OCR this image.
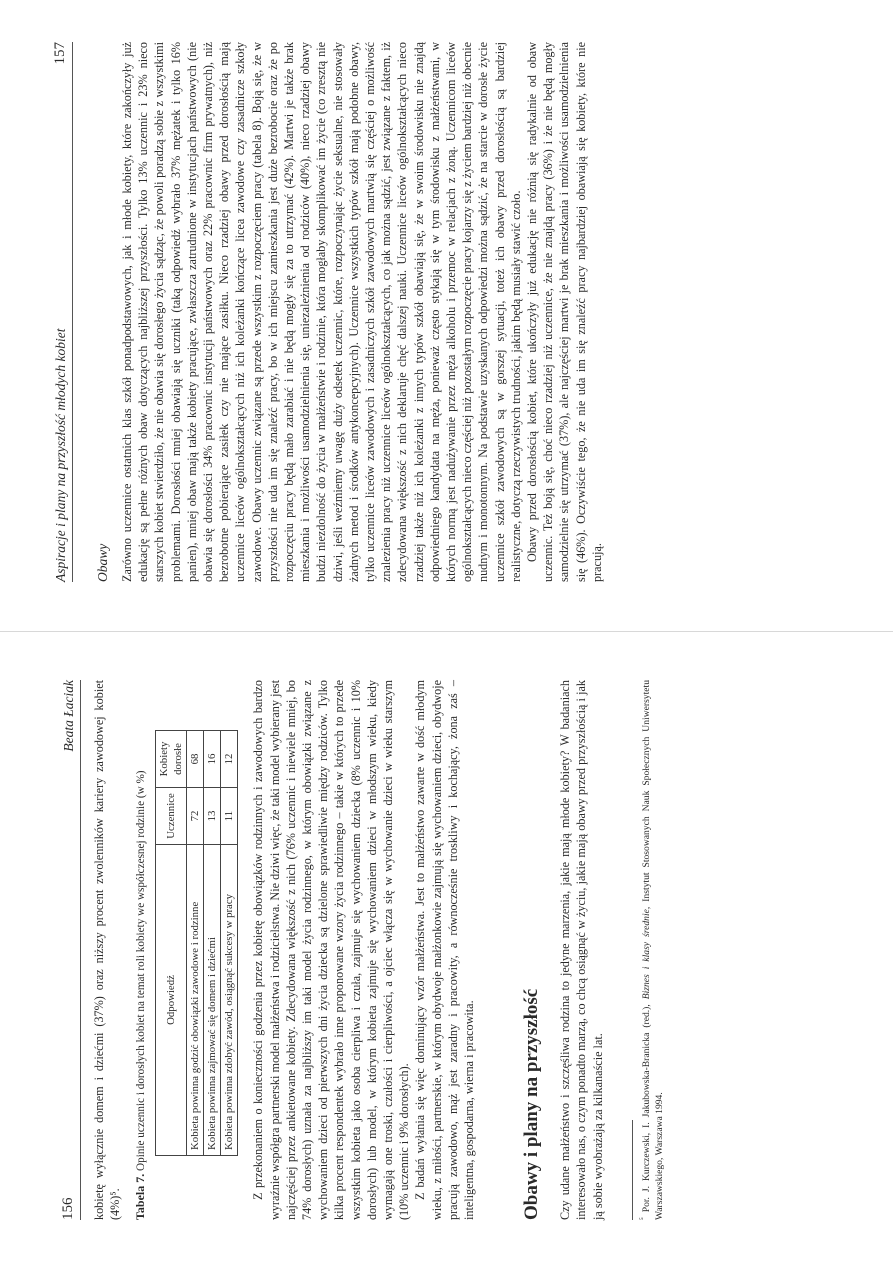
156
Beata Łaciak kobietę wyłącznie domem i dziećmi (37%) oraz niższy procent zwolenników kariery zawodowej kobiet (4%)⁵. Tabela 7. Opinie uczennic i dorosłych kobiet na temat roli kobiety we współczesnej rodzinie (w %) Odpowiedź	Uczennice	Kobiety dorosłe
Kobieta powinna godzić obowiązki zawodowe i rodzinne	72	68
Kobieta powinna zajmować się domem i dziećmi	13	16
Kobieta powinna zdobyć zawód, osiągnąć sukcesy w pracy	11	12 Z przekonaniem o konieczności godzenia przez kobietę obowiązków rodzinnych i zawodowych bardzo wyraźnie współgra partnerski model małżeństwa i rodzicielstwa. Nie dziwi więc, że taki model wybierany jest najczęściej przez ankietowane kobiety. Zdecydowana większość z nich (76% uczennic i niewiele mniej, bo 74% dorosłych) uznała za najbliższy im taki model życia rodzinnego, w którym obowiązki związane z wychowaniem dzieci od pierwszych dni życia dziecka są dzielone sprawiedliwie między rodziców. Tylko kilka procent respondentek wybrało inne proponowane wzory życia rodzinnego – takie w których to przede wszystkim kobieta jako osoba cierpliwa i czuła, zajmuje się wychowaniem dziecka (8% uczennic i 10% dorosłych) lub model, w którym kobieta zajmuje się wychowaniem dzieci w młodszym wieku, kiedy wymagają one troski, czułości i cierpliwości, a ojciec włącza się w wychowanie dzieci w wieku starszym (10% uczennic i 9% dorosłych). Z badań wyłania się więc dominujący wzór małżeństwa. Jest to małżeństwo zawarte w dość młodym wieku, z miłości, partnerskie, w którym obydwoje małżonkowie zajmują się wychowaniem dzieci, obydwoje pracują zawodowo, mąż jest zaradny i pracowity, a równocześnie troskliwy i kochający, żona zaś – inteligentna, gospodarna, wierna i pracowita. Obawy i plany na przyszłość Czy udane małżeństwo i szczęśliwa rodzina to jedyne marzenia, jakie mają młode kobiety? W badaniach interesowało nas, o czym ponadto marzą, co chcą osiągnąć w życiu, jakie mają obawy przed przyszłością i jak ją sobie wyobrażają za kilkanaście lat.	$^{^5}$ Por. J. Kurczewski, I. Jakubowska-Branicka (red.), Biznes i klasy średnie, Instytut Stosowanych Nauk Społecznych Uniwersytetu Warszawskiego, Warszawa 1994.
Aspiracje i plany na przyszłość młodych kobiet
157
Obawy Zarówno uczennice ostatnich klas szkół ponadpodstawowych, jak i młode kobiety, które zakończyły już edukację są pełne różnych obaw dotyczących najbliższej przyszłości. Tylko 13% uczennic i 23% nieco starszych kobiet stwierdziło, że nie obawia się dorosłego życia sądząc, że powoli poradzą sobie z wszystkimi problemami. Dorosłości mniej obawiają się uczniki (taką odpowiedź wybrało 37% mężatek i tylko 16% panien), mniej obaw mają także kobiety pracujące, zwłaszcza zatrudnione w instytucjach państwowych (nie obawia się dorosłości 34% pracownic instytucji państwowych oraz 22% pracownic firm prywatnych), niż bezrobotne pobierające zasiłek czy nie mające zasiłku. Nieco rzadziej obawy przed dorosłością mają uczennice liceów ogólnokształcących niż ich koleżanki kończące licea zawodowe czy zasadnicze szkoły zawodowe. Obawy uczennic związane są przede wszystkim z rozpoczęciem pracy (tabela 8). Boją się, że w przyszłości nie uda im się znaleźć pracy, bo w ich miejscu zamieszkania jest duże bezrobocie oraz że po rozpoczęciu pracy będą mało zarabiać i nie będą mogły się za to utrzymać (42%). Martwi je także brak mieszkania i możliwości usamodzielnienia się, uniezależnienia od rodziców (40%), nieco rzadziej obawy budzi niezdolność do życia w małżeństwie i rodzinie, która mogłaby skomplikować im życie (co zresztą nie dziwi, jeśli weźmiemy uwagę duży odsetek uczennic, które, rozpoczynając życie seksualne, nie stosowały żadnych metod i środków antykoncepcyjnych). Uczennice wszystkich typów szkół mają podobne obawy, tylko uczennice liceów zawodowych i zasadniczych szkół zawodowych martwią się częściej o możliwość znalezienia pracy niż uczennice liceów ogólnokształcących, co jak można sądzić, jest związane z faktem, iż zdecydowana większość z nich deklaruje chęć dalszej nauki. Uczennice liceów ogólnokształcących nieco rzadziej także niż ich koleżanki z innych typów szkół obawiają się, że w swoim środowisku nie znajdą odpowiedniego kandydata na męża, ponieważ często stykają się w tym środowisku z małżeństwami, w których normą jest nadużywanie przez męża alkoholu i przemoc w relacjach z żoną. Uczennicom liceów ogólnokształcących nieco częściej niż pozostałym rozpoczęcie pracy kojarzy się z życiem bardziej niż obecnie nudnym i monotonnym. Na podstawie uzyskanych odpowiedzi można sądzić, że na starcie w dorosłe życie uczennice szkół zawodowych są w gorszej sytuacji, toteż ich obawy przed dorosłością są bardziej realistyczne, dotyczą rzeczywistych trudności, jakim będą musiały stawić czoło. Obawy przed dorosłością kobiet, które ukończyły już edukację nie różnią się radykalnie od obaw uczennic. Też boją się, choć nieco rzadziej niż uczennice, że nie znajdą pracy (36%) i że nie będą mogły samodzielnie się utrzymać (37%), ale najczęściej martwi je brak mieszkania i możliwości usamodzielnienia się (46%). Oczywiście tego, że nie uda im się znaleźć pracy najbardziej obawiają się kobiety, które nie pracują.
